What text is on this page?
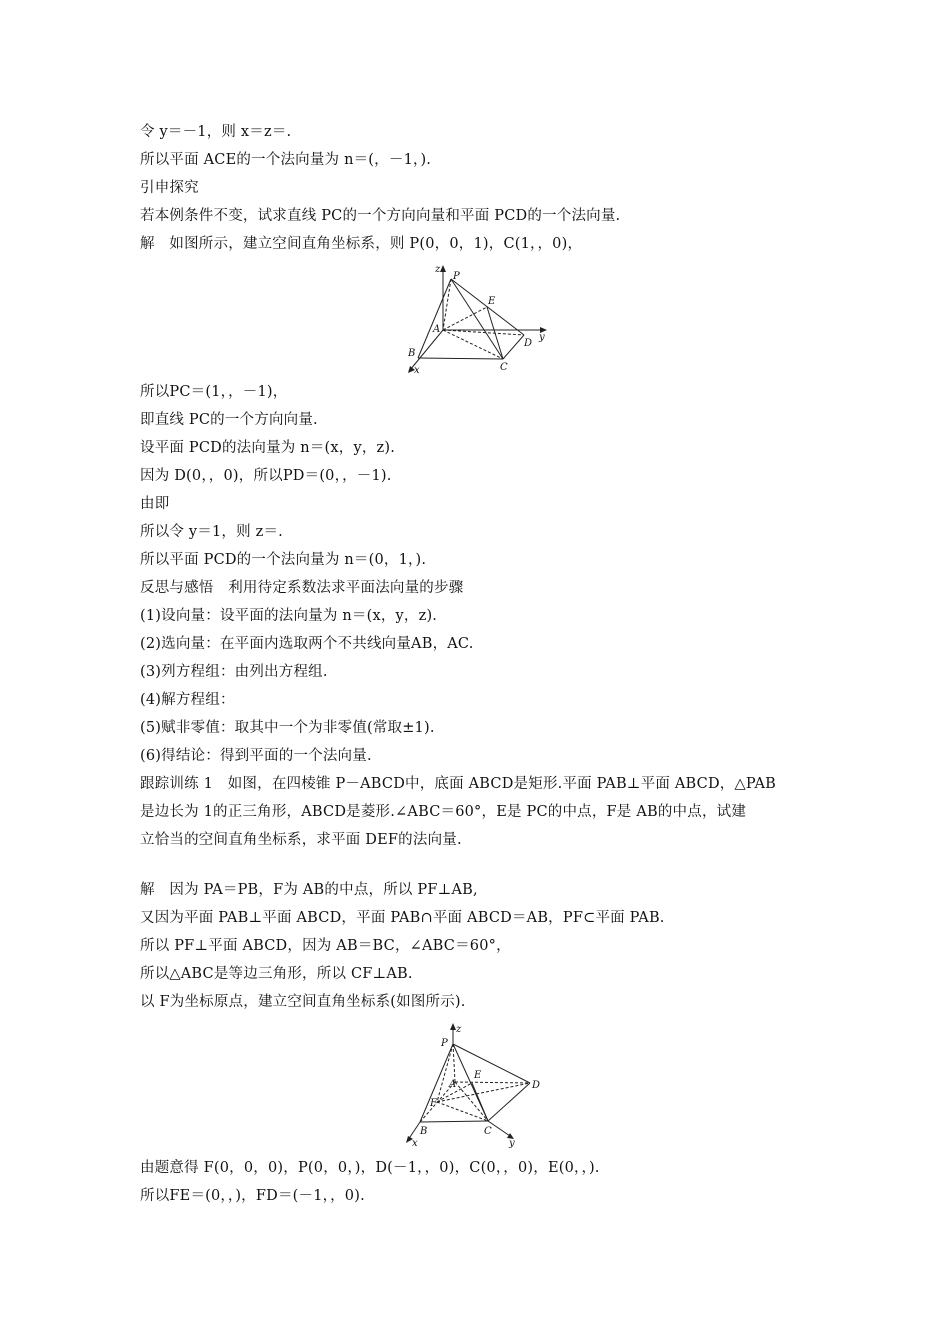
令 y＝－1，则 x＝z＝.
所以平面 ACE的一个法向量为 n＝(，－1，).
引申探究
若本例条件不变，试求直线 PC的一个方向向量和平面 PCD的一个法向量.
解　如图所示，建立空间直角坐标系，则 P(0，0，1)，C(1，，0)，
z
P
E
A
D
y
B
C
x
所以PC＝(1，，－1)，
即直线 PC的一个方向向量.
设平面 PCD的法向量为 n＝(x，y，z).
因为 D(0，，0)，所以PD＝(0，，－1).
由即
所以令 y＝1，则 z＝.
所以平面 PCD的一个法向量为 n＝(0，1，).
反思与感悟　利用待定系数法求平面法向量的步骤
(1)设向量：设平面的法向量为 n＝(x，y，z).
(2)选向量：在平面内选取两个不共线向量AB，AC.
(3)列方程组：由列出方程组.
(4)解方程组：
(5)赋非零值：取其中一个为非零值(常取±1).
(6)得结论：得到平面的一个法向量.
跟踪训练 1　如图，在四棱锥 P－ABCD中，底面 ABCD是矩形.平面 PAB⊥平面 ABCD，△PAB
是边长为 1的正三角形，ABCD是菱形.∠ABC＝60°，E是 PC的中点，F是 AB的中点，试建
立恰当的空间直角坐标系，求平面 DEF的法向量.
解　因为 PA＝PB，F为 AB的中点，所以 PF⊥AB,
又因为平面 PAB⊥平面 ABCD，平面 PAB∩平面 ABCD＝AB，PF⊂平面 PAB.
所以 PF⊥平面 ABCD，因为 AB＝BC，∠ABC＝60°，
所以△ABC是等边三角形，所以 CF⊥AB.
以 F为坐标原点，建立空间直角坐标系(如图所示).
z
P
E
A	D
F
B	C
x	y
由题意得 F(0，0，0)，P(0，0，)，D(－1，，0)，C(0，，0)，E(0，，).
所以FE＝(0，，)，FD＝(－1，，0).
